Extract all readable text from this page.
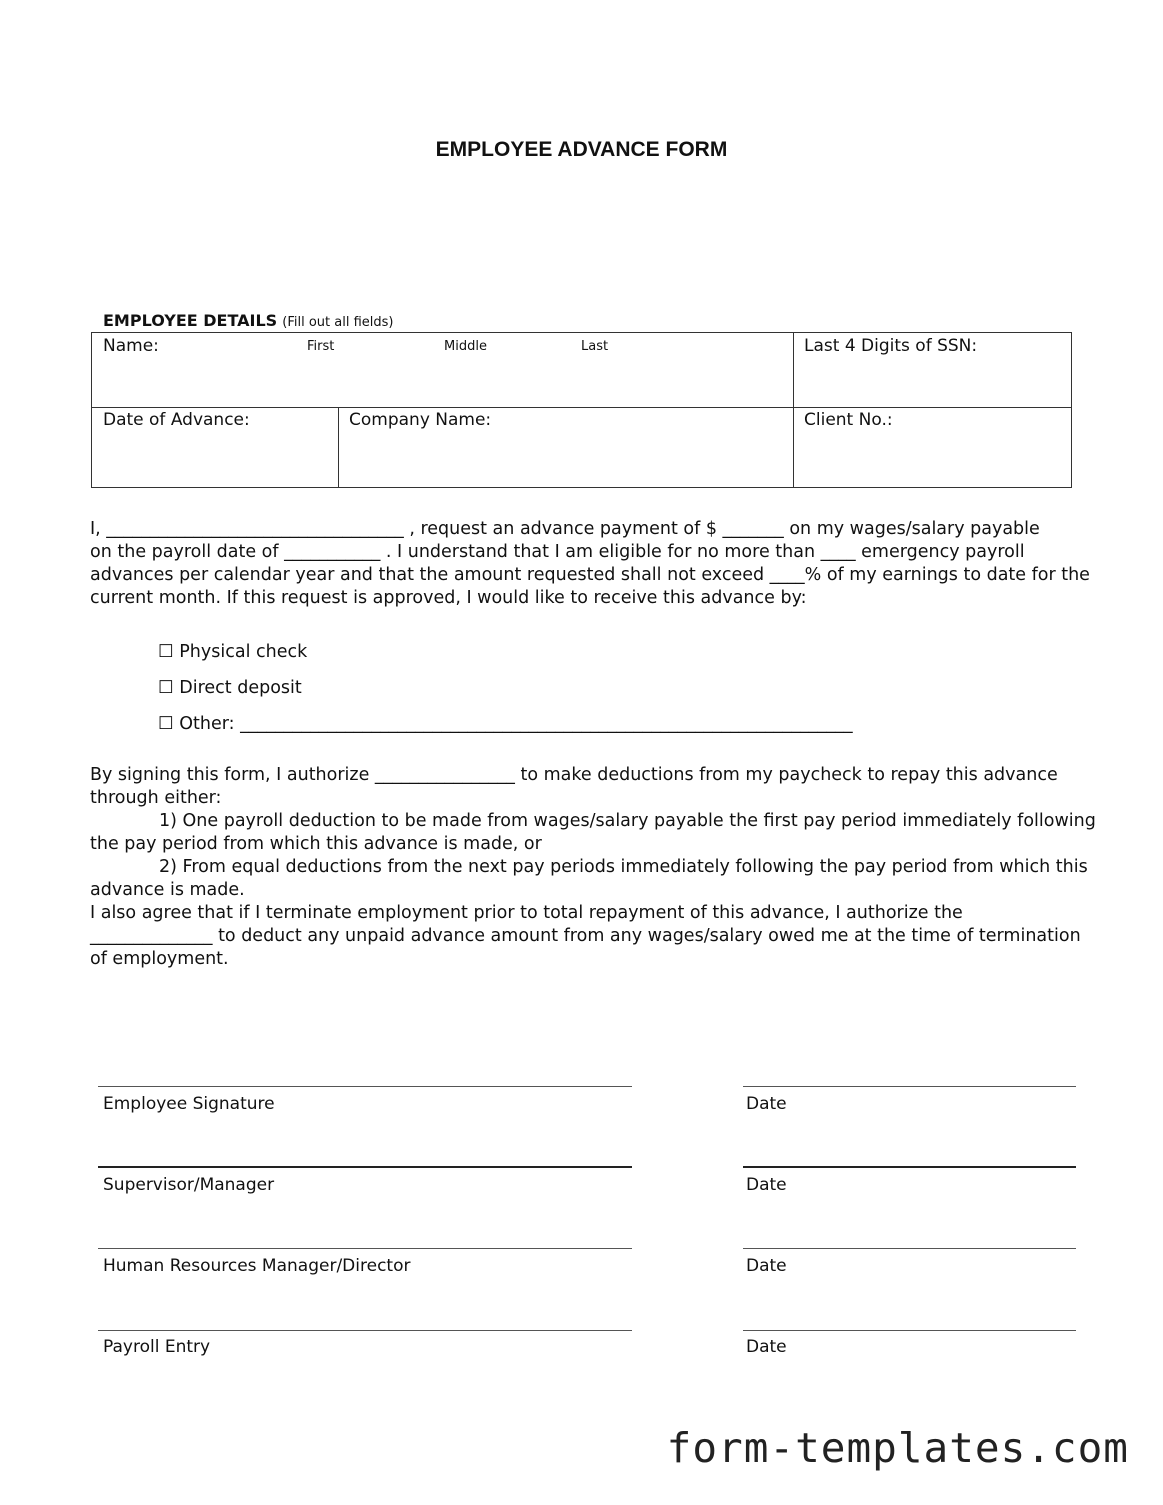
EMPLOYEE ADVANCE FORM
EMPLOYEE DETAILS (Fill out all fields)
Name:	First	Middle	Last	Last 4 Digits of SSN:
Date of Advance:	Company Name:	Client No.:

I, __________________________________ , request an advance payment of $ _______ on my wages/salary payable

on the payroll date of ___________ . I understand that I am eligible for no more than ____ emergency payroll

advances per calendar year and that the amount requested shall not exceed ____% of my earnings to date for the

current month. If this request is approved, I would like to receive this advance by:

☐ Physical check
☐ Direct deposit
☐ Other: ______________________________________________________________________

By signing this form, I authorize ________________ to make deductions from my paycheck to repay this advance

through either:

1) One payroll deduction to be made from wages/salary payable the first pay period immediately following

the pay period from which this advance is made, or

2) From equal deductions from the next pay periods immediately following the pay period from which this

advance is made.

I also agree that if I terminate employment prior to total repayment of this advance, I authorize the

______________ to deduct any unpaid advance amount from any wages/salary owed me at the time of termination

of employment.

Employee Signature	Date
Supervisor/Manager	Date
Human Resources Manager/Director	Date
Payroll Entry	Date
form-templates.com
